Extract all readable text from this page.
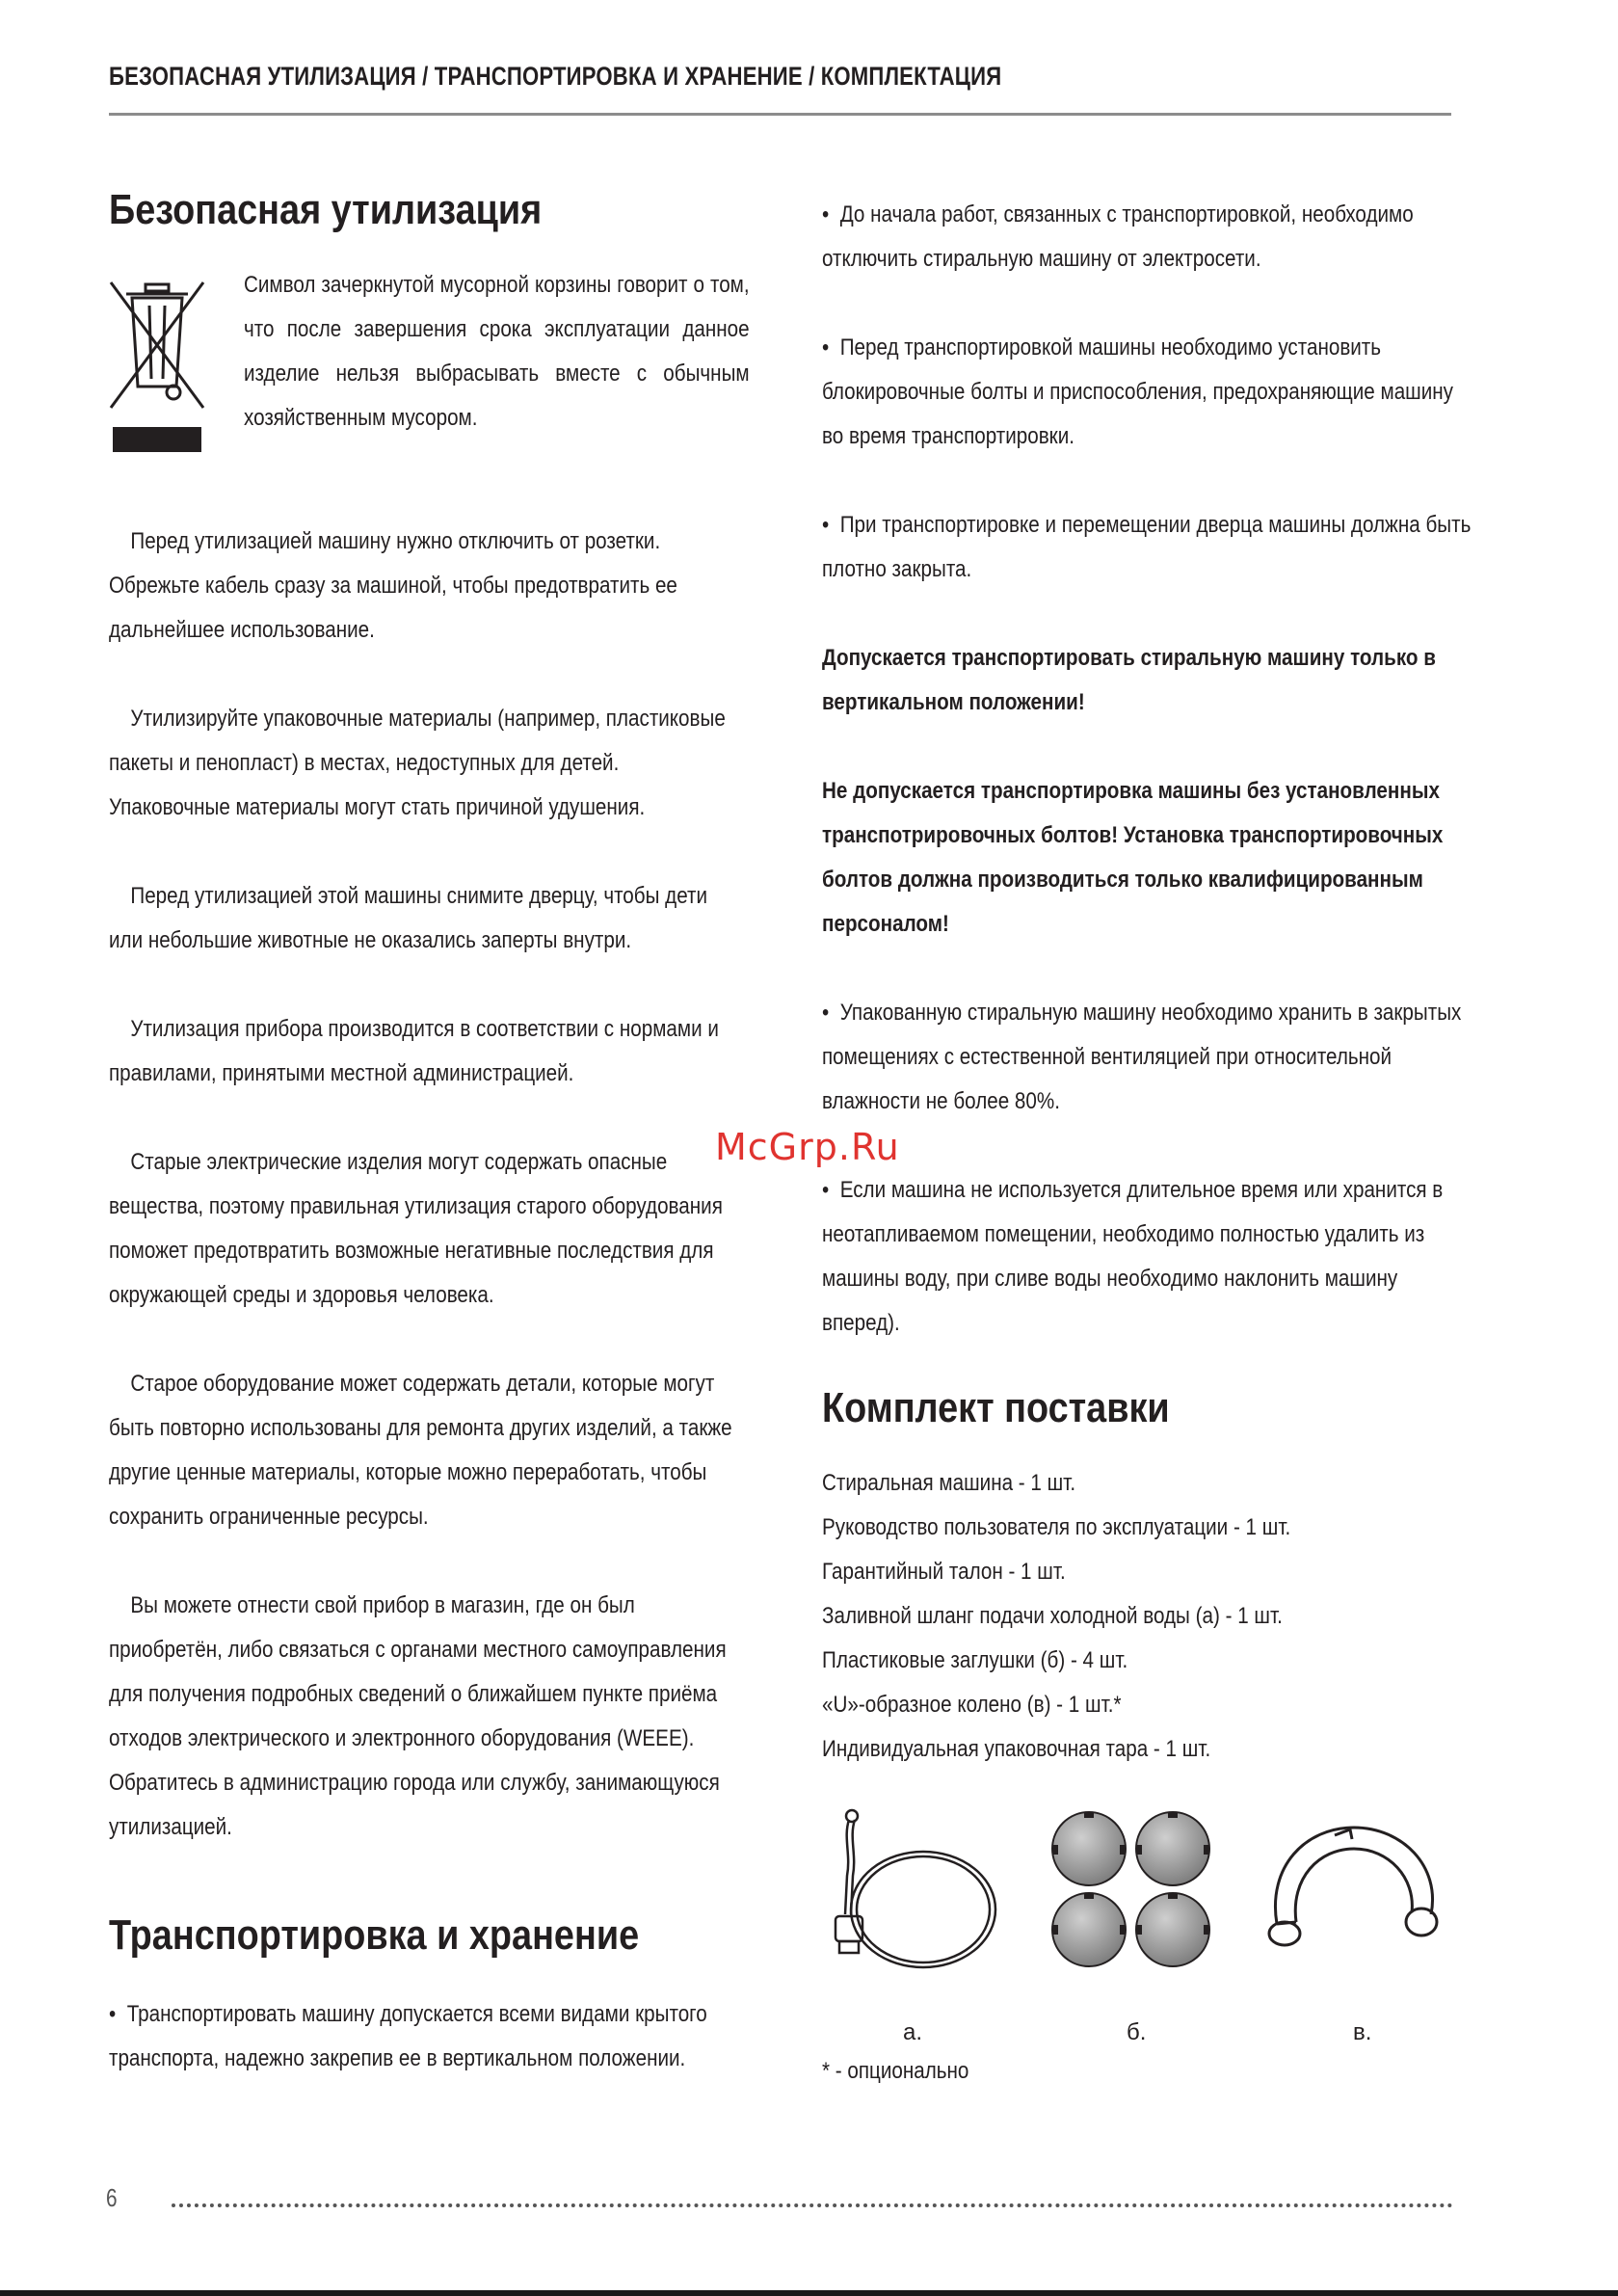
БЕЗОПАСНАЯ УТИЛИЗАЦИЯ / ТРАНСПОРТИРОВКА И ХРАНЕНИЕ / КОМПЛЕКТАЦИЯ
Безопасная утилизация
Символ зачеркнутой мусорной корзины говорит о том, что после завершения срока эксплуатации данное изделие нельзя выбрасывать вместе с обычным хозяйственным мусором.

Перед утилизацией машину нужно отключить от розетки. Обрежьте кабель сразу за машиной, чтобы предотвратить ее дальнейшее использование.

Утилизируйте упаковочные материалы (например, пластиковые пакеты и пенопласт) в местах, недоступных для детей. Упаковочные материалы могут стать причиной удушения.

Перед утилизацией этой машины снимите дверцу, чтобы дети или небольшие животные не оказались заперты внутри.

Утилизация прибора производится в соответствии с нормами и правилами, принятыми местной администрацией.

Старые электрические изделия могут содержать опасные вещества, поэтому правильная утилизация старого оборудования поможет предотвратить возможные негативные последствия для окружающей среды и здоровья человека.

Старое оборудование может содержать детали, которые могут быть повторно использованы для ремонта других изделий, а также другие ценные материалы, которые можно переработать, чтобы сохранить ограниченные ресурсы.

Вы можете отнести свой прибор в магазин, где он был приобретён, либо связаться с органами местного самоуправления для получения подробных сведений о ближайшем пункте приёма отходов электрического и электронного оборудования (WEEE). Обратитесь в администрацию города или службу, занимающуюся утилизацией.

Транспортировка и хранение

• Транспортировать машину допускается всеми видами крытого транспорта, надежно закрепив ее в вертикальном положении.

• До начала работ, связанных с транспортировкой, необходимо отключить стиральную машину от электросети.

• Перед транспортировкой машины необходимо установить блокировочные болты и приспособления, предохраняющие машину во время транспортировки.

• При транспортировке и перемещении дверца машины должна быть плотно закрыта.

Допускается транспортировать стиральную машину только в вертикальном положении!

Не допускается транспортировка машины без установленных транспотрировочных болтов! Установка транспортировочных болтов должна производиться только квалифицированным персоналом!

• Упакованную стиральную машину необходимо хранить в закрытых помещениях с естественной вентиляцией при относительной влажности не более 80%.

• Если машина не используется длительное время или хранится в неотапливаемом помещении, необходимо полностью удалить из машины воду, при сливе воды необходимо наклонить машину вперед).

Комплект поставки

Стиральная машина - 1 шт.

Руководство пользователя по эксплуатации - 1 шт.

Гарантийный талон - 1 шт.

Заливной шланг подачи холодной воды (а) - 1 шт.

Пластиковые заглушки (б) - 4 шт.

«U»-образное колено (в) - 1 шт.*

Индивидуальная упаковочная тара - 1 шт.

а.	б.	в.

* - опционально

McGrp.Ru
6
